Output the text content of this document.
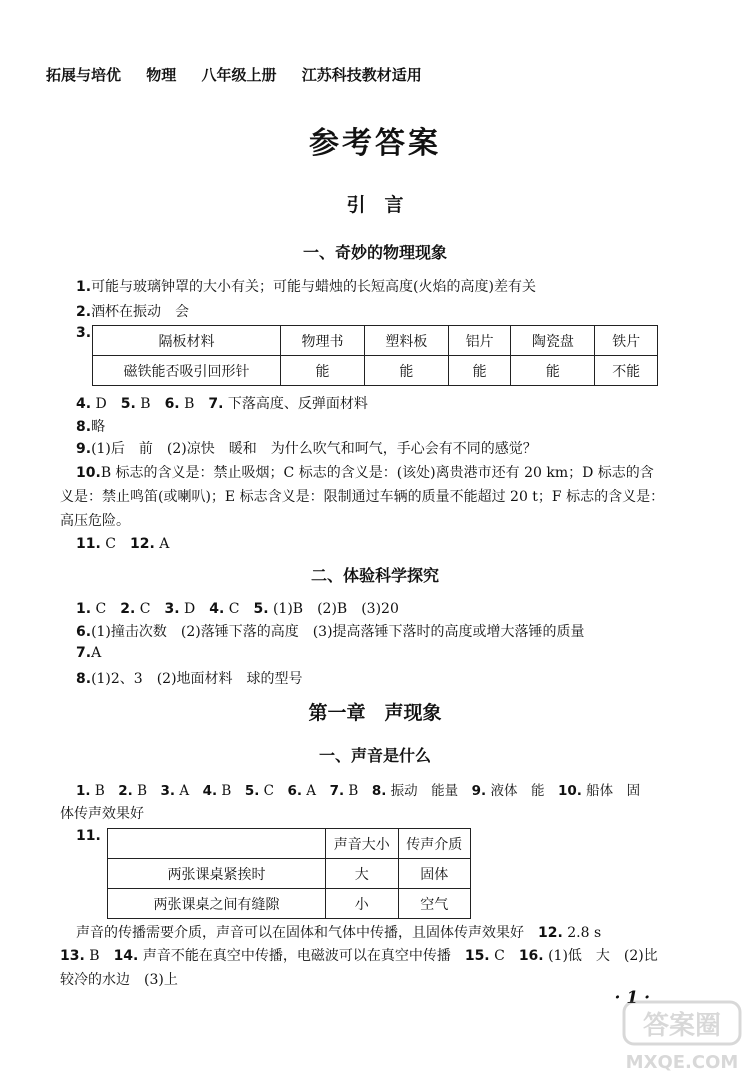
拓展与培优 物理 八年级上册 江苏科技教材适用
参考答案
引　言
一、奇妙的物理现象
1.可能与玻璃钟罩的大小有关；可能与蜡烛的长短高度(火焰的高度)差有关
2.酒杯在振动　会
3.
隔板材料	物理书	塑料板	铝片	陶瓷盘	铁片
磁铁能否吸引回形针	能	能	能	能	不能
4. D　5. B　6. B　7. 下落高度、反弹面材料
8.略
9.(1)后　前　(2)凉快　暖和　为什么吹气和呵气，手心会有不同的感觉？
10.B 标志的含义是：禁止吸烟；C 标志的含义是：(该处)离贵港市还有 20 km；D 标志的含
义是：禁止鸣笛(或喇叭)；E 标志含义是：限制通过车辆的质量不能超过 20 t；F 标志的含义是：
高压危险。
11. C　12. A
二、体验科学探究
1. C　2. C　3. D　4. C　5. (1)B　(2)B　(3)20
6.(1)撞击次数　(2)落锤下落的高度　(3)提高落锤下落时的高度或增大落锤的质量
7.A
8.(1)2、3　(2)地面材料　球的型号
第一章　声现象
一、声音是什么
1. B　2. B　3. A　4. B　5. C　6. A　7. B　8. 振动　能量　9. 液体　能　10. 船体　固
体传声效果好
11.
	声音大小	传声介质
两张课桌紧挨时	大	固体
两张课桌之间有缝隙	小	空气
声音的传播需要介质，声音可以在固体和气体中传播，且固体传声效果好　12. 2.8 s
13. B　14. 声音不能在真空中传播，电磁波可以在真空中传播　15. C　16. (1)低　大　(2)比
较冷的水边　(3)上
· 1 ·
答案圈
MXQE.COM
